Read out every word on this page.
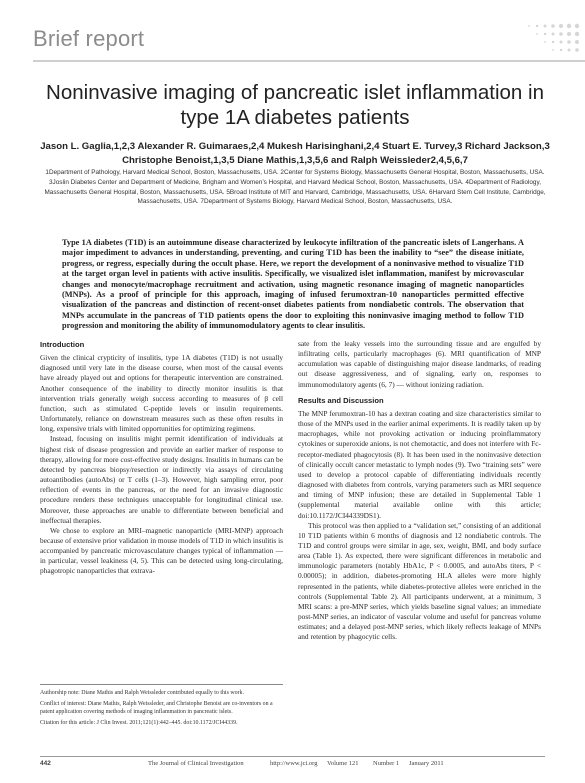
Brief report
Noninvasive imaging of pancreatic islet inflammation in type 1A diabetes patients
Jason L. Gaglia,1,2,3 Alexander R. Guimaraes,2,4 Mukesh Harisinghani,2,4 Stuart E. Turvey,3 Richard Jackson,3 Christophe Benoist,1,3,5 Diane Mathis,1,3,5,6 and Ralph Weissleder2,4,5,6,7
1Department of Pathology, Harvard Medical School, Boston, Massachusetts, USA. 2Center for Systems Biology, Massachusetts General Hospital, Boston, Massachusetts, USA. 3Joslin Diabetes Center and Department of Medicine, Brigham and Women’s Hospital, and Harvard Medical School, Boston, Massachusetts, USA. 4Department of Radiology, Massachusetts General Hospital, Boston, Massachusetts, USA. 5Broad Institute of MIT and Harvard, Cambridge, Massachusetts, USA. 6Harvard Stem Cell Institute, Cambridge, Massachusetts, USA. 7Department of Systems Biology, Harvard Medical School, Boston, Massachusetts, USA.
Type 1A diabetes (T1D) is an autoimmune disease characterized by leukocyte infiltration of the pancreatic islets of Langerhans. A major impediment to advances in understanding, preventing, and curing T1D has been the inability to “see” the disease initiate, progress, or regress, especially during the occult phase. Here, we report the development of a noninvasive method to visualize T1D at the target organ level in patients with active insulitis. Specifically, we visualized islet inflammation, manifest by microvascular changes and monocyte/macrophage recruitment and activation, using magnetic resonance imaging of magnetic nanoparticles (MNPs). As a proof of principle for this approach, imaging of infused ferumoxtran-10 nanoparticles permitted effective visualization of the pancreas and distinction of recent-onset diabetes patients from nondiabetic controls. The observation that MNPs accumulate in the pancreas of T1D patients opens the door to exploiting this noninvasive imaging method to follow T1D progression and monitoring the ability of immunomodulatory agents to clear insulitis.
Introduction

Given the clinical crypticity of insulitis, type 1A diabetes (T1D) is not usually diagnosed until very late in the disease course, when most of the causal events have already played out and options for therapeutic intervention are constrained. Another consequence of the inability to directly monitor insulitis is that intervention trials generally weigh success according to measures of β cell function, such as stimulated C-peptide levels or insulin requirements. Unfortunately, reliance on downstream measures such as these often results in long, expensive trials with limited opportunities for optimizing regimens.

Instead, focusing on insulitis might permit identification of individuals at highest risk of disease progression and provide an earlier marker of response to therapy, allowing for more cost-effective study designs. Insulitis in humans can be detected by pancreas biopsy/resection or indirectly via assays of circulating autoantibodies (autoAbs) or T cells (1–3). However, high sampling error, poor reflection of events in the pancreas, or the need for an invasive diagnostic procedure renders these techniques unacceptable for longitudinal clinical use. Moreover, these approaches are unable to differentiate between beneficial and ineffectual therapies.

We chose to explore an MRI–magnetic nanoparticle (MRI-MNP) approach because of extensive prior validation in mouse models of T1D in which insulitis is accompanied by pancreatic microvasculature changes typical of inflammation — in particular, vessel leakiness (4, 5). This can be detected using long-circulating, phagotropic nanoparticles that extrava-

Authorship note: Diane Mathis and Ralph Weissleder contributed equally to this work.

Conflict of interest: Diane Mathis, Ralph Weissleder, and Christophe Benoist are co-inventors on a patent application covering methods of imaging inflammation in pancreatic islets.

Citation for this article: J Clin Invest. 2011;121(1):442–445. doi:10.1172/JCI44339.

sate from the leaky vessels into the surrounding tissue and are engulfed by infiltrating cells, particularly macrophages (6). MRI quantification of MNP accumulation was capable of distinguishing major disease landmarks, of reading out disease aggressiveness, and of signaling, early on, responses to immunomodulatory agents (6, 7) — without ionizing radiation.

Results and Discussion

The MNP ferumoxtran-10 has a dextran coating and size characteristics similar to those of the MNPs used in the earlier animal experiments. It is readily taken up by macrophages, while not provoking activation or inducing proinflammatory cytokines or superoxide anions, is not chemotactic, and does not interfere with Fc-receptor-mediated phagocytosis (8). It has been used in the noninvasive detection of clinically occult cancer metastatic to lymph nodes (9). Two “training sets” were used to develop a protocol capable of differentiating individuals recently diagnosed with diabetes from controls, varying parameters such as MRI sequence and timing of MNP infusion; these are detailed in Supplemental Table 1 (supplemental material available online with this article; doi:10.1172/JCI44339DS1).

This protocol was then applied to a “validation set,” consisting of an additional 10 T1D patients within 6 months of diagnosis and 12 nondiabetic controls. The T1D and control groups were similar in age, sex, weight, BMI, and body surface area (Table 1). As expected, there were significant differences in metabolic and immunologic parameters (notably HbA1c, P < 0.0005, and autoAbs titers, P < 0.00005); in addition, diabetes-promoting HLA alleles were more highly represented in the patients, while diabetes-protective alleles were enriched in the controls (Supplemental Table 2). All participants underwent, at a minimum, 3 MRI scans: a pre-MNP series, which yields baseline signal values; an immediate post-MNP series, an indicator of vascular volume and useful for pancreas volume estimates; and a delayed post-MNP series, which likely reflects leakage of MNPs and retention by phagocytic cells.

442	The Journal of Clinical Investigation	http://www.jci.org Volume 121 Number 1 January 2011
